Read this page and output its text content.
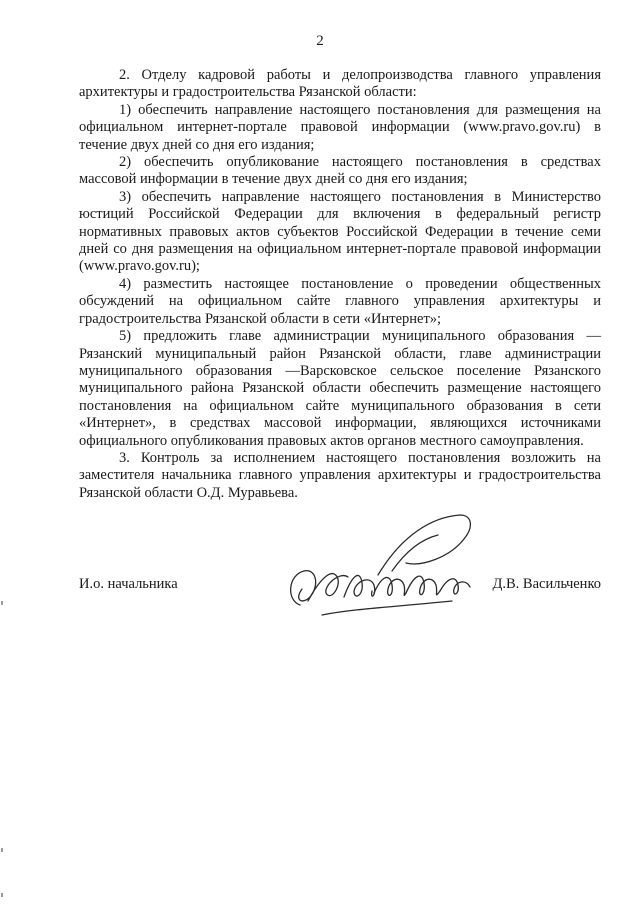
2

2. Отделу кадровой работы и делопроизводства главного управления архитектуры и градостроительства Рязанской области:

1) обеспечить направление настоящего постановления для размещения на официальном интернет-портале правовой информации (www.pravo.gov.ru) в течение двух дней со дня его издания;

2) обеспечить опубликование настоящего постановления в средствах массовой информации в течение двух дней со дня его издания;

3) обеспечить направление настоящего постановления в Министерство юстиций Российской Федерации для включения в федеральный регистр нормативных правовых актов субъектов Российской Федерации в течение семи дней со дня размещения на официальном интернет-портале правовой информации (www.pravo.gov.ru);

4) разместить настоящее постановление о проведении общественных обсуждений на официальном сайте главного управления архитектуры и градостроительства Рязанской области в сети «Интернет»;

5) предложить главе администрации муниципального образования — Рязанский муниципальный район Рязанской области, главе администрации муниципального образования —Варсковское сельское поселение Рязанского муниципального района Рязанской области обеспечить размещение настоящего постановления на официальном сайте муниципального образования в сети «Интернет», в средствах массовой информации, являющихся источниками официального опубликования правовых актов органов местного самоуправления.

3. Контроль за исполнением настоящего постановления возложить на заместителя начальника главного управления архитектуры и градостроительства Рязанской области О.Д. Муравьева.

И.о. начальника	Д.В. Васильченко
